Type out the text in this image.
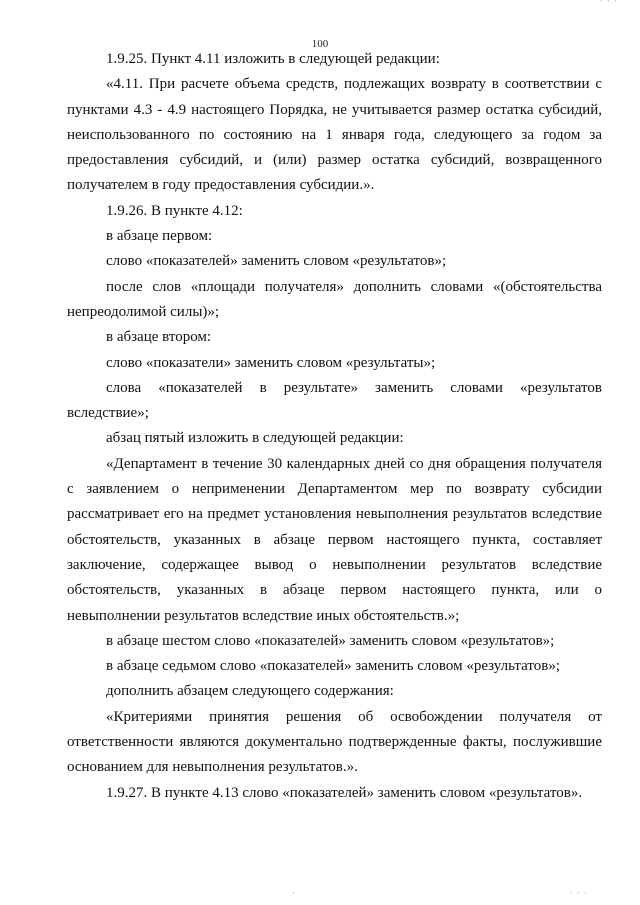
· · ·
100

1.9.25. Пункт 4.11 изложить в следующей редакции:

«4.11. При расчете объема средств, подлежащих возврату в соответствии с пунктами 4.3 - 4.9 настоящего Порядка, не учитывается размер остатка субсидий, неиспользованного по состоянию на 1 января года, следующего за годом за предоставления субсидий, и (или) размер остатка субсидий, возвращенного получателем в году предоставления субсидии.».

1.9.26. В пункте 4.12:

в абзаце первом:

слово «показателей» заменить словом «результатов»;

после слов «площади получателя» дополнить словами «(обстоятельства непреодолимой силы)»;

в абзаце втором:

слово «показатели» заменить словом «результаты»;

слова «показателей в результате» заменить словами «результатов вследствие»;

абзац пятый изложить в следующей редакции:

«Департамент в течение 30 календарных дней со дня обращения получателя с заявлением о неприменении Департаментом мер по возврату субсидии рассматривает его на предмет установления невыполнения результатов вследствие обстоятельств, указанных в абзаце первом настоящего пункта, составляет заключение, содержащее вывод о невыполнении результатов вследствие обстоятельств, указанных в абзаце первом настоящего пункта, или о невыполнении результатов вследствие иных обстоятельств.»;

в абзаце шестом слово «показателей» заменить словом «результатов»;

в абзаце седьмом слово «показателей» заменить словом «результатов»;

дополнить абзацем следующего содержания:

«Критериями принятия решения об освобождении получателя от ответственности являются документально подтвержденные факты, послужившие основанием для невыполнения результатов.».

1.9.27. В пункте 4.13 слово «показателей» заменить словом «результатов».

·	· · ·
